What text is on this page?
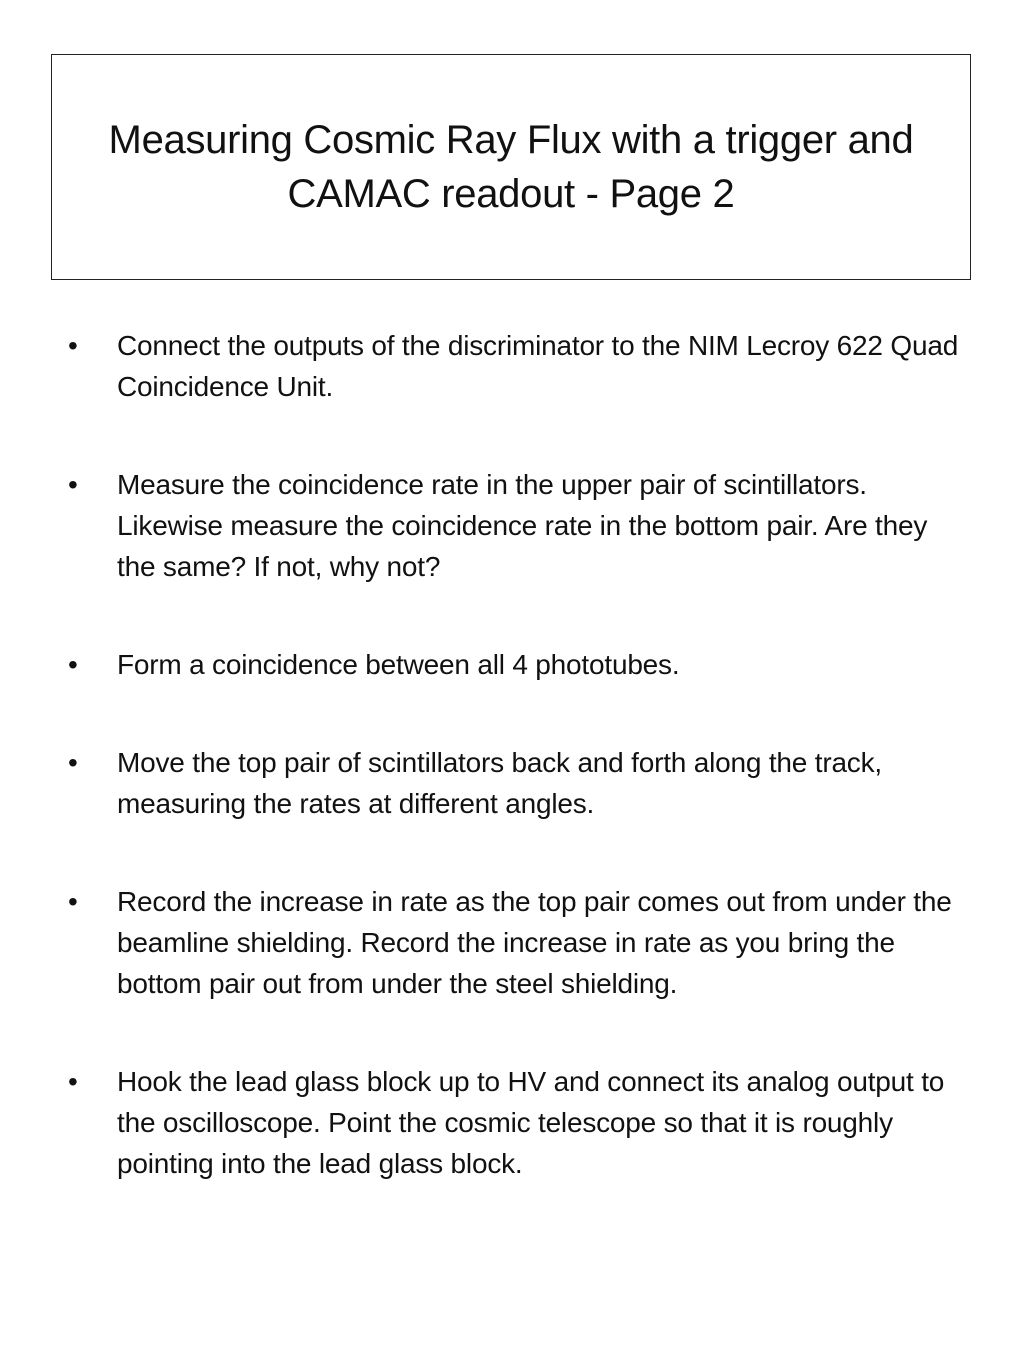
Measuring Cosmic Ray Flux with a trigger and
CAMAC readout - Page 2
• Connect the outputs of the discriminator to the NIM Lecroy 622 Quad Coincidence Unit.
• Measure the coincidence rate in the upper pair of scintillators. Likewise measure the coincidence rate in the bottom pair. Are they the same? If not, why not?
• Form a coincidence between all 4 phototubes.
• Move the top pair of scintillators back and forth along the track, measuring the rates at different angles.
• Record the increase in rate as the top pair comes out from under the beamline shielding. Record the increase in rate as you bring the bottom pair out from under the steel shielding.
• Hook the lead glass block up to HV and connect its analog output to the oscilloscope. Point the cosmic telescope so that it is roughly pointing into the lead glass block.
